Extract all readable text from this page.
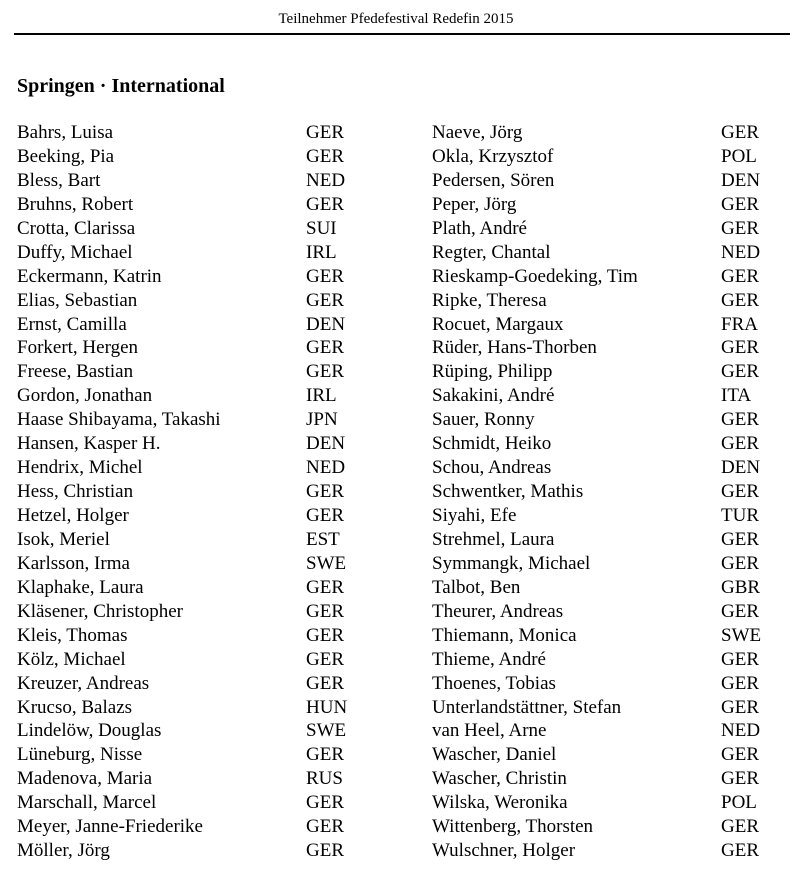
Teilnehmer Pfedefestival Redefin 2015
Springen · International
Bahrs, Luisa	GER
Beeking, Pia	GER
Bless, Bart	NED
Bruhns, Robert	GER
Crotta, Clarissa	SUI
Duffy, Michael	IRL
Eckermann, Katrin	GER
Elias, Sebastian	GER
Ernst, Camilla	DEN
Forkert, Hergen	GER
Freese, Bastian	GER
Gordon, Jonathan	IRL
Haase Shibayama, Takashi	JPN
Hansen, Kasper H.	DEN
Hendrix, Michel	NED
Hess, Christian	GER
Hetzel, Holger	GER
Isok, Meriel	EST
Karlsson, Irma	SWE
Klaphake, Laura	GER
Kläsener, Christopher	GER
Kleis, Thomas	GER
Kölz, Michael	GER
Kreuzer, Andreas	GER
Krucso, Balazs	HUN
Lindelöw, Douglas	SWE
Lüneburg, Nisse	GER
Madenova, Maria	RUS
Marschall, Marcel	GER
Meyer, Janne-Friederike	GER
Möller, Jörg	GER
Naeve, Jörg	GER
Okla, Krzysztof	POL
Pedersen, Sören	DEN
Peper, Jörg	GER
Plath, André	GER
Regter, Chantal	NED
Rieskamp-Goedeking, Tim	GER
Ripke, Theresa	GER
Rocuet, Margaux	FRA
Rüder, Hans-Thorben	GER
Rüping, Philipp	GER
Sakakini, André	ITA
Sauer, Ronny	GER
Schmidt, Heiko	GER
Schou, Andreas	DEN
Schwentker, Mathis	GER
Siyahi, Efe	TUR
Strehmel, Laura	GER
Symmangk, Michael	GER
Talbot, Ben	GBR
Theurer, Andreas	GER
Thiemann, Monica	SWE
Thieme, André	GER
Thoenes, Tobias	GER
Unterlandstättner, Stefan	GER
van Heel, Arne	NED
Wascher, Daniel	GER
Wascher, Christin	GER
Wilska, Weronika	POL
Wittenberg, Thorsten	GER
Wulschner, Holger	GER
